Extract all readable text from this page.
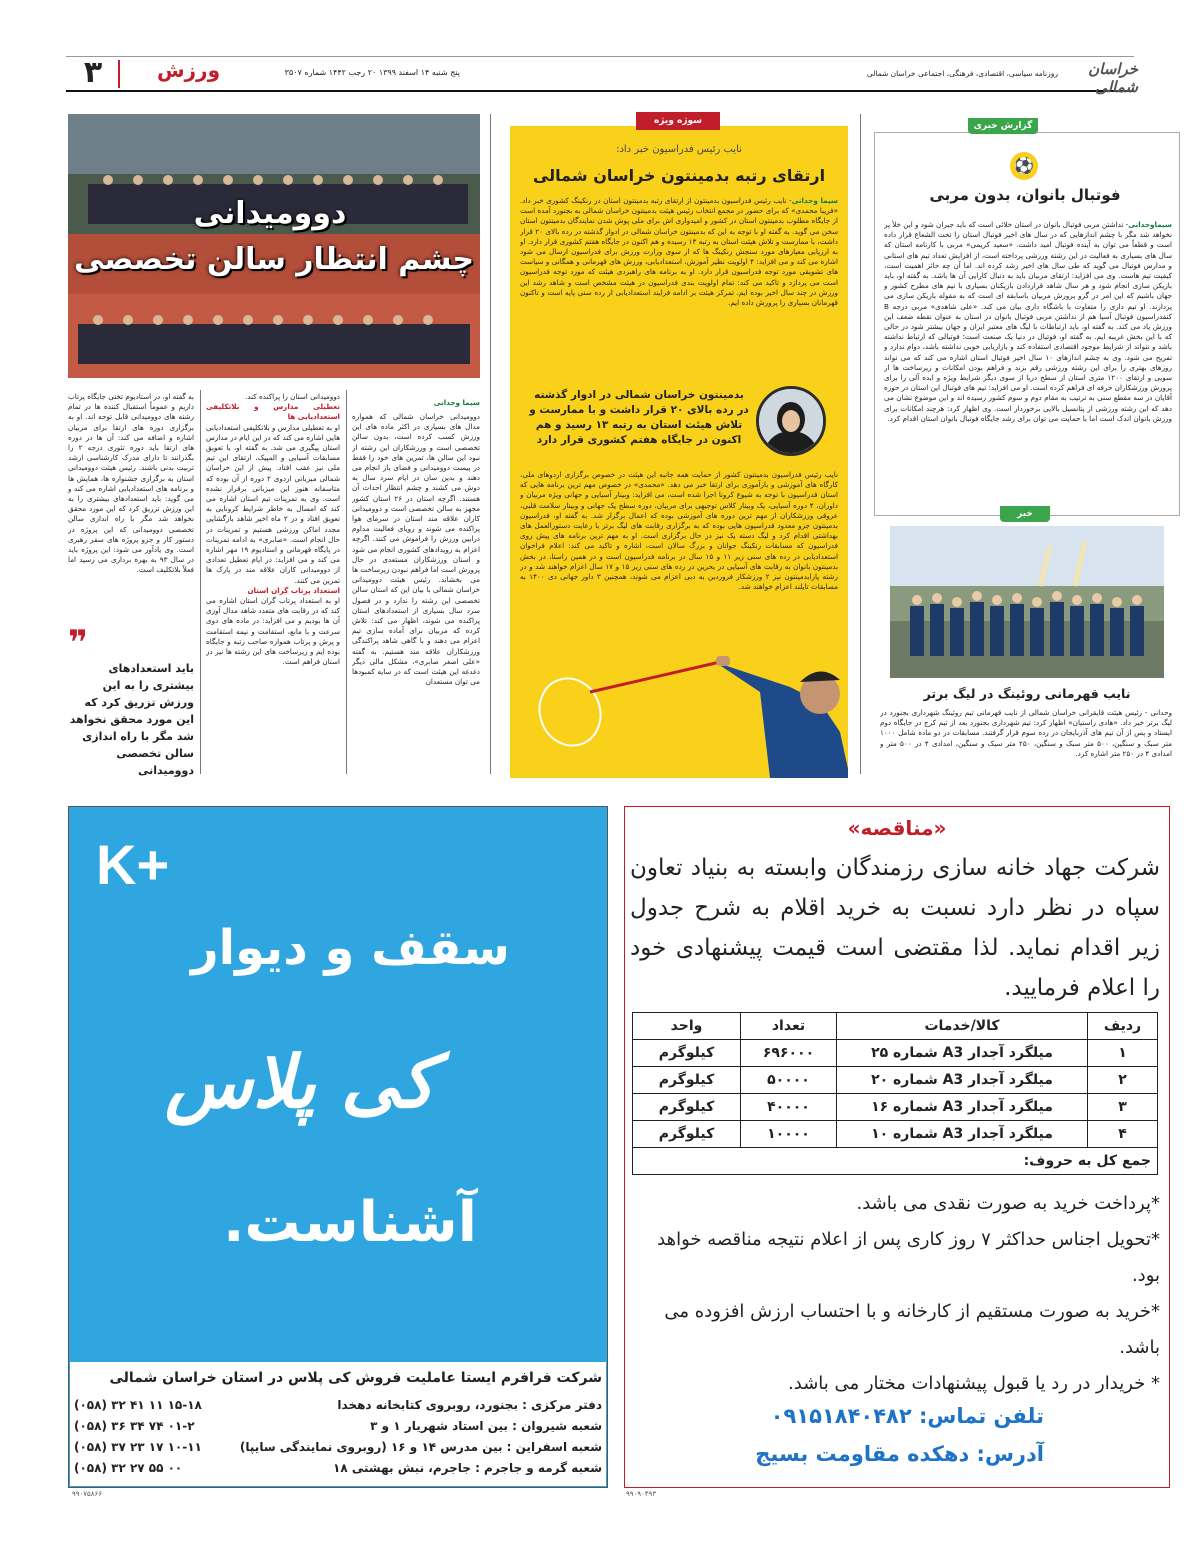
۳	ورزش	پنج شنبه ۱۴ اسفند ۱۳۹۹ ۲۰ رجب ۱۴۴۲ شماره ۳۵۰۷	روزنامه سیاسی، اقتصادی، فرهنگی، اجتماعی خراسان شمالی	خراسان شمالی
گزارش خبری
⚽
فوتبال بانوان، بدون مربی
سیماوحدانی- نداشتن مربی فوتبال بانوان در استان خلائی است که باید جبران شود و این خلأ پر نخواهد شد مگر با چشم اندازهایی که در سال های اخیر فوتبال استان را تحت الشعاع قرار داده است و قطعاً می توان به آینده فوتبال امید داشت. «سعید کریمی» مربی با کارنامه استان که سال های بسیاری به فعالیت در این رشته ورزشی پرداخته است، از افزایش تعداد تیم های استانی و مدارس فوتبال می گوید که طی سال های اخیر رشد کرده اند. اما آن چه حائز اهمیت است، کیفیت تیم هاست. وی می افزاید: ارتقای مربیان باید به دنبال کارایی آن ها باشد. به گفته او، باید بازیکن سازی انجام شود و هر سال شاهد قراردادن بازیکنان بسیاری با تیم های مطرح کشور و جهان باشیم که این امر در گرو پرورش مربیان باسابقه ای است که به مقوله بازیکن سازی می پردازند. او تیم داری را متفاوت با باشگاه داری بیان می کند. «علی شاهدی» مربی درجه B کنفدراسیون فوتبال آسیا هم از نداشتن مربی فوتبال بانوان در استان به عنوان نقطه ضعف این ورزش یاد می کند. به گفته او، باید ارتباطات با لیگ های معتبر ایران و جهان بیشتر شود در حالی که با این بخش غریبه ایم. به گفته او، فوتبال در دنیا یک صنعت است؛ فوتبالی که ارتباط نداشته باشد و نتواند از شرایط موجود اقتصادی استفاده کند و بازاریابی خوبی نداشته باشد، دوام ندارد و تفریح می شود. وی به چشم اندازهای ۱۰ سال اخیر فوتبال استان اشاره می کند که می تواند روزهای بهتری را برای این رشته ورزشی رقم بزند و فراهم بودن امکانات و زیرساخت ها از سویی و ارتقای ۱۲۰۰ متری استان از سطح دریا از سوی دیگر شرایط ویژه و ایده آلی را برای پرورش ورزشکاران حرفه ای فراهم کرده است. او می افزاید: تیم های فوتبال این استان در حوزه آقایان در سه مقطع سنی به ترتیب به مقام دوم و سوم کشور رسیده اند و این موضوع نشان می دهد که این رشته ورزشی از پتانسیل بالایی برخوردار است. وی اظهار کرد: هرچند امکانات برای ورزش بانوان اندک است اما با حمایت می توان برای رشد جایگاه فوتبال بانوان استان اقدام کرد.
خبر
نایب قهرمانی روئینگ در لیگ برتر
وحدانی - رئیس هیئت قایقرانی خراسان شمالی از نایب قهرمانی تیم روئینگ شهرداری بجنورد در لیگ برتر خبر داد. «هادی راستیان» اظهار کرد: تیم شهرداری بجنورد بعد از تیم کرج در جایگاه دوم ایستاد و پس از آن تیم های آذربایجان در رده سوم قرار گرفتند. مسابقات در دو ماده شامل ۱۰۰۰ متر سبک و سنگین، ۵۰۰ متر سبک و سنگین، ۲۵۰ متر سبک و سنگین، امدادی ۴ در ۵۰۰ متر و امدادی ۴ در ۲۵۰ متر اشاره کرد.
سوژه ویژه
نایب رئیس فدراسیون خبر داد:
ارتقای رتبه بدمینتون خراسان شمالی
سیما وحدانی- نایب رئیس فدراسیون بدمینتون از ارتقای رتبه بدمینتون استان در رنکینگ کشوری خبر داد. «فریبا محمدی» که برای حضور در مجمع انتخاب رئیس هیئت بدمینتون خراسان شمالی به بجنورد آمده است از جایگاه مطلوب بدمینتون استان در کشور و امیدواری اش برای ملی پوش شدن نمایندگان بدمینتون استان سخن می گوید. به گفته او با توجه به این که بدمینتون خراسان شمالی در ادوار گذشته در رده بالای ۲۰ قرار داشت، با ممارست و تلاش هیئت استان به رتبه ۱۳ رسیده و هم اکنون در جایگاه هفتم کشوری قرار دارد. او به ارزیابی معیارهای مورد سنجش رنکینگ ها که از سوی وزارت ورزش برای فدراسیون ارسال می شود اشاره می کند و می افزاید: ۴ اولویت نظیر آموزش، استعدادیابی، ورزش های قهرمانی و همگانی و سیاست های تشویقی مورد توجه فدراسیون قرار دارد. او به برنامه های راهبردی هیئت که مورد توجه فدراسیون است می پردازد و تاکید می کند: تمام اولویت بندی فدراسیون در هیئت مشخص است و شاهد رشد این ورزش در چند سال اخیر بوده ایم. تمرکز هیئت بر ادامه فرایند استعدادیابی از رده سنی پایه است و تاکنون قهرمانان بسیاری را پرورش داده ایم.
بدمینتون خراسان شمالی در ادوار گذشته در رده بالای ۲۰ قرار داشت و با ممارست و تلاش هیئت استان به رتبه ۱۳ رسید و هم اکنون در جایگاه هفتم کشوری قرار دارد
نایب رئیس فدراسیون بدمینتون کشور از حمایت همه جانبه این هیئت در خصوص برگزاری اردوهای ملی، کارگاه های آموزشی و بازآموزی برای ارتقا خبر می دهد. «محمدی» در خصوص مهم ترین برنامه هایی که استان فدراسیون با توجه به شیوع کرونا اجرا شده است، می افزاید: وبینار آسیایی و جهانی ویژه مربیان و داوران، ۴ دوره آسیایی، یک وبینار کلاس توجیهی برای مربیان، دوره سطح یک جهانی و وبینار سلامت قلبی، عروقی ورزشکاران از مهم ترین دوره های آموزشی بوده که اعمال برگزار شد. به گفته او، فدراسیون بدمینتون جزو معدود فدراسیون هایی بوده که به برگزاری رقابت های لیگ برتر با رعایت دستورالعمل های بهداشتی اقدام کرد و لیگ دسته یک نیز در حال برگزاری است. او به مهم ترین برنامه های پیش روی فدراسیون که مسابقات رنکینگ جوانان و بزرگ سالان است، اشاره و تاکید می کند: اعلام فراخوان استعدادیابی در رده های سنی زیر ۱۱ و ۱۵ سال در برنامه فدراسیون است و در همین راستا، در بخش بدمینتون بانوان به رقابت های آسیایی در بحرین در رده های سنی زیر ۱۵ و ۱۷ سال اعزام خواهند شد و در رشته پارابدمینتون نیز ۲ ورزشکار فروردین به دبی اعزام می شوند، همچنین ۳ داور جهانی دی ۱۴۰۰ به مسابقات تایلند اعزام خواهند شد.
دوومیدانی
چشم انتظار سالن تخصصی
سیما وحدانی
دوومیدانی خراسان شمالی که همواره مدال های بسیاری در اکثر ماده های این ورزش کسب کرده است، بدون سالن تخصصی است و ورزشکاران این رشته از نبود این سالن ها، تمرین های خود را فقط در پیست دوومیدانی و فضای باز انجام می دهند و بدین سان در ایام سرد سال به دوش می کشند و چشم انتظار احداث آن هستند. اگرچه استان در ۲۶ استان کشور مجهز به سالن تخصصی است و دوومیدانی کاران علاقه مند استان در سرمای هوا پراکنده می شوند و رویای فعالیت مداوم درایین ورزش را فراموش می کنند. اگرچه اعزام به رویدادهای کشوری انجام می شود و استان ورزشکاران مستعدی در حال پرورش است اما فراهم نبودن زیرساخت ها می بخشاند. رئیس هیئت دوومیدانی خراسان شمالی با بیان این که استان سالن تخصصی این رشته را ندارد و در فصول سرد سال بسیاری از استعدادهای استان پراکنده می شوند، اظهار می کند: تلاش کرده که مربیان برای آماده سازی تیم اعزام می دهند و با گاهی شاهد پراکندگی ورزشکاران علاقه مند هستیم. به گفته «علی اصغر صابری»، مشکل مالی دیگر دغدغه این هیئت است که در سایه کمبودها می توان مستعدان
دوومیدانی استان را پراکنده کند.
تعطیلی مدارس و بلاتکلیفی استعدادیابی ها
او به تعطیلی مدارس و بلاتکلیفی استعدادیابی هایی اشاره می کند که در این ایام در مدارس استان پیگیری می شد. به گفته او، با تعویق مسابقات آسیایی و المپیک، ارتقای این تیم ملی نیز عقب افتاد. پیش از این خراسان شمالی میزبانی اردوی ۲ دوره از آن بوده که متاسفانه هنوز این میزبانی برقرار نشده است. وی به تمرینات تیم استان اشاره می کند که امسال به خاطر شرایط کرونایی به تعویق افتاد و در ۲ ماه اخیر شاهد بازگشایی مجدد اماکن ورزشی هستیم و تمرینات در حال انجام است. «صابری» به ادامه تمرینات در پایگاه قهرمانی و استادیوم ۱۹ مهر اشاره می کند و می افزاید: در ایام تعطیل تعدادی از دوومیدانی کاران علاقه مند در پارک ها تمرین می کنند.
استعداد پرتاب گران استان
او به استعداد پرتاب گران استان اشاره می کند که در رقابت های متعدد شاهد مدال آوری آن ها بودیم و می افزاید: در ماده های دوی سرعت و با مانع، استقامت و نیمه استقامت و پرش و پرتاب همواره صاحب رتبه و جایگاه بوده ایم و زیرساخت های این رشته ها نیز در استان فراهم است.
به گفته او، در استادیوم تختی جایگاه پرتاب داریم و عموماً استقبال کننده ها در تمام رشته های دوومیدانی قابل توجه اند. او به برگزاری دوره های ارتقا برای مربیان اشاره و اضافه می کند: آن ها در دوره های ارتقا باید دوره تئوری درجه ۲ را بگذرانند تا دارای مدرک کارشناسی ارشد تربیت بدنی باشند. رئیس هیئت دوومیدانی استان به برگزاری جشنواره ها، همایش ها و برنامه های استعدادیابی اشاره می کند و می گوید: باید استعدادهای بیشتری را به این ورزش تزریق کرد که این مورد محقق نخواهد شد مگر با راه اندازی سالن تخصصی دوومیدانی که این پروژه در دستور کار و جزو پروژه های سفر رهبری است. وی یادآور می شود: این پروژه باید در سال ۹۳ به بهره برداری می رسید اما فعلاً بلاتکلیف است.
❞
باید استعدادهای بیشتری را به این ورزش تزریق کرد که این مورد محقق نخواهد شد مگر با راه اندازی سالن تخصصی دوومیدانی
K+
سقف و دیوار
کی پلاس
آشناست.
شرکت فرافرم ایستا عاملیت فروش کی پلاس در استان خراسان شمالی
دفتر مرکزی : بجنورد، روبروی کتابخانه دهخدا
(۰۵۸) ۳۲ ۴۱ ۱۱ ۱۵-۱۸
شعبه شیروان : بین استاد شهریار ۱ و ۳
(۰۵۸) ۳۶ ۳۴ ۷۴ ۰۱-۲
شعبه اسفراین : بین مدرس ۱۴ و ۱۶ (روبروی نمایندگی سایپا)
(۰۵۸) ۳۷ ۲۳ ۱۷ ۱۰-۱۱
شعبه گرمه و جاجرم : جاجرم، نبش بهشتی ۱۸
(۰۵۸) ۳۲ ۲۷ ۵۵ ۰۰
۹۹۰۷۵۸۶۶
«مناقصه»
شرکت جهاد خانه سازی رزمندگان وابسته به بنیاد تعاون سپاه در نظر دارد نسبت به خرید اقلام به شرح جدول زیر اقدام نماید. لذا مقتضی است قیمت پیشنهادی خود را اعلام فرمایید.
ردیف	کالا/خدمات	تعداد	واحد
۱	میلگرد آجدار A3 شماره ۲۵	۶۹۶۰۰۰	کیلوگرم
۲	میلگرد آجدار A3 شماره ۲۰	۵۰۰۰۰	کیلوگرم
۳	میلگرد آجدار A3 شماره ۱۶	۴۰۰۰۰	کیلوگرم
۴	میلگرد آجدار A3 شماره ۱۰	۱۰۰۰۰	کیلوگرم
جمع کل به حروف:			
*پرداخت خرید به صورت نقدی می باشد.
*تحویل اجناس حداکثر ۷ روز کاری پس از اعلام نتیجه مناقصه خواهد بود.
*خرید به صورت مستقیم از کارخانه و با احتساب ارزش افزوده می باشد.
* خریدار در رد یا قبول پیشنهادات مختار می باشد.
تلفن تماس: ۰۹۱۵۱۸۴۰۴۸۲
آدرس: دهکده مقاومت بسیج
۹۹۰۹۰۴۹۳
